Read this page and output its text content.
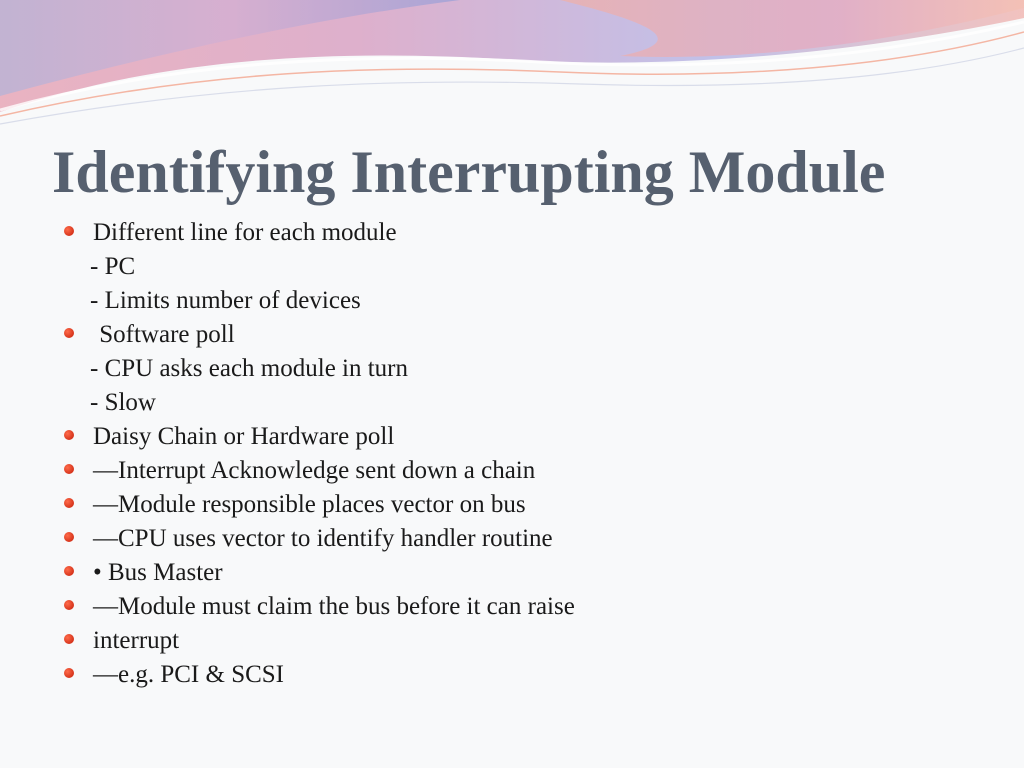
Identifying Interrupting Module
Different line for each module
- PC
- Limits number of devices
Software poll
- CPU asks each module in turn
- Slow
Daisy Chain or Hardware poll
—Interrupt Acknowledge sent down a chain
—Module responsible places vector on bus
—CPU uses vector to identify handler routine
• Bus Master
—Module must claim the bus before it can raise
interrupt
—e.g. PCI & SCSI
